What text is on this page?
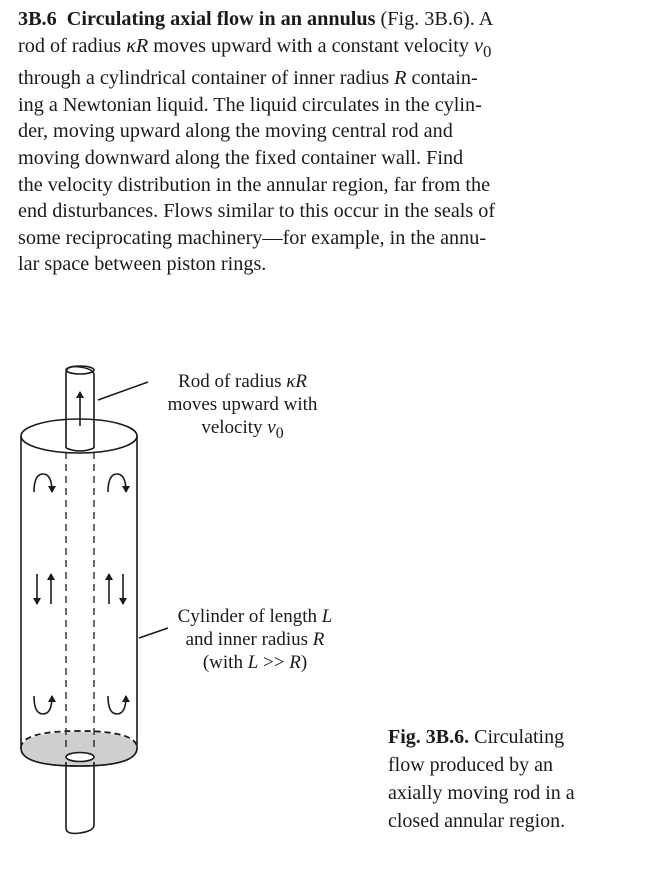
3B.6 Circulating axial flow in an annulus (Fig. 3B.6). A
rod of radius κR moves upward with a constant velocity $v_0$
through a cylindrical container of inner radius R contain-
ing a Newtonian liquid. The liquid circulates in the cylin-
der, moving upward along the moving central rod and
moving downward along the fixed container wall. Find
the velocity distribution in the annular region, far from the
end disturbances. Flows similar to this occur in the seals of
some reciprocating machinery—for example, in the annu-
lar space between piston rings.
Rod of radius κR
moves upward with
velocity $v_0$
Cylinder of length L
and inner radius R
(with L >> R)
Fig. 3B.6. Circulating
flow produced by an
axially moving rod in a
closed annular region.
